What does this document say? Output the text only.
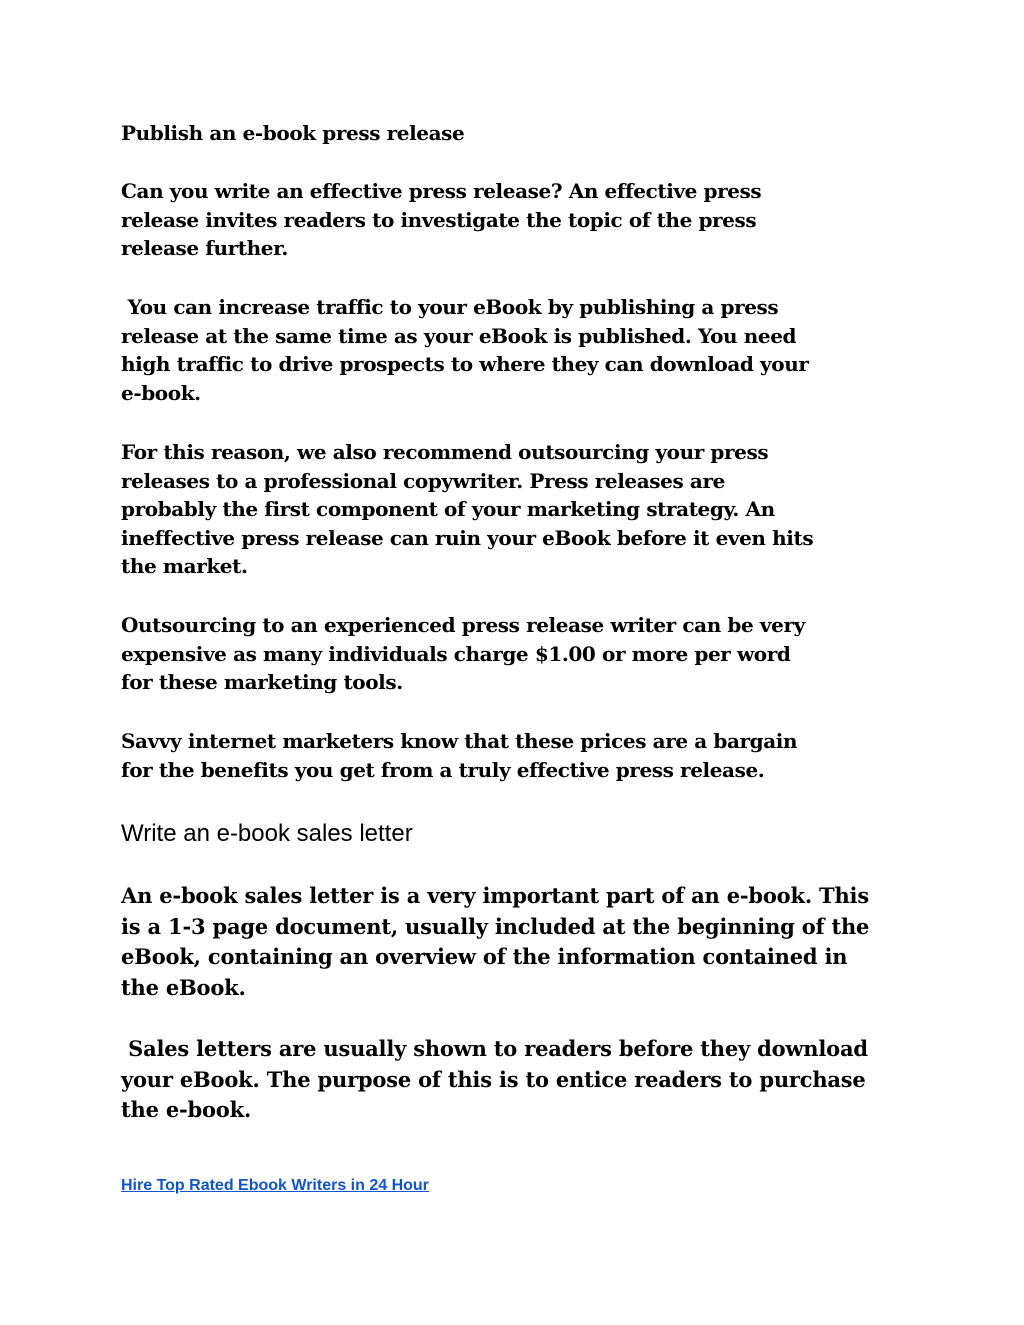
Publish an e-book press release

Can you write an effective press release? An effective press
release invites readers to investigate the topic of the press
release further.

You can increase traffic to your eBook by publishing a press
release at the same time as your eBook is published. You need
high traffic to drive prospects to where they can download your
e-book.

For this reason, we also recommend outsourcing your press
releases to a professional copywriter. Press releases are
probably the first component of your marketing strategy. An
ineffective press release can ruin your eBook before it even hits
the market.

Outsourcing to an experienced press release writer can be very
expensive as many individuals charge $1.00 or more per word
for these marketing tools.

Savvy internet marketers know that these prices are a bargain
for the benefits you get from a truly effective press release.

Write an e-book sales letter

An e-book sales letter is a very important part of an e-book. This
is a 1-3 page document, usually included at the beginning of the
eBook, containing an overview of the information contained in
the eBook.

Sales letters are usually shown to readers before they download
your eBook. The purpose of this is to entice readers to purchase
the e-book.

Hire Top Rated Ebook Writers in 24 Hour
